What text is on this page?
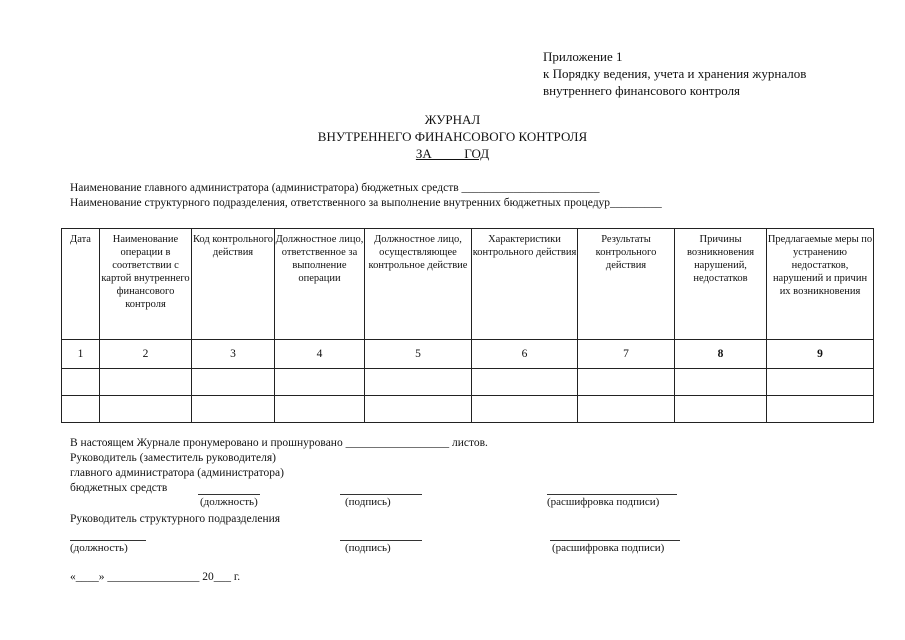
Приложение 1
к Порядку ведения, учета и хранения журналов
внутреннего финансового контроля
ЖУРНАЛ
ВНУТРЕННЕГО ФИНАНСОВОГО КОНТРОЛЯ
ЗА          ГОД
Наименование главного администратора (администратора) бюджетных средств ________________________
Наименование структурного подразделения, ответственного за выполнение внутренних бюджетных процедур_________
Дата	Наименование операции в соответствии с картой внутреннего финансового контроля	Код контрольного действия	Должностное лицо, ответственное за выполнение операции	Должностное лицо, осуществляющее контрольное действие	Характеристики контрольного действия	Результаты контрольного действия	Причины возникновения нарушений, недостатков	Предлагаемые меры по устранению недостатков, нарушений и причин их возникновения
1	2	3	4	5	6	7	8	9

В настоящем Журнале пронумеровано и прошнуровано __________________ листов.
Руководитель (заместитель руководителя)
главного администратора (администратора)
бюджетных средств
(должность)	(подпись)	(расшифровка подписи)
Руководитель структурного подразделения
(должность)	(подпись)	(расшифровка подписи)
«____» ________________ 20___ г.
